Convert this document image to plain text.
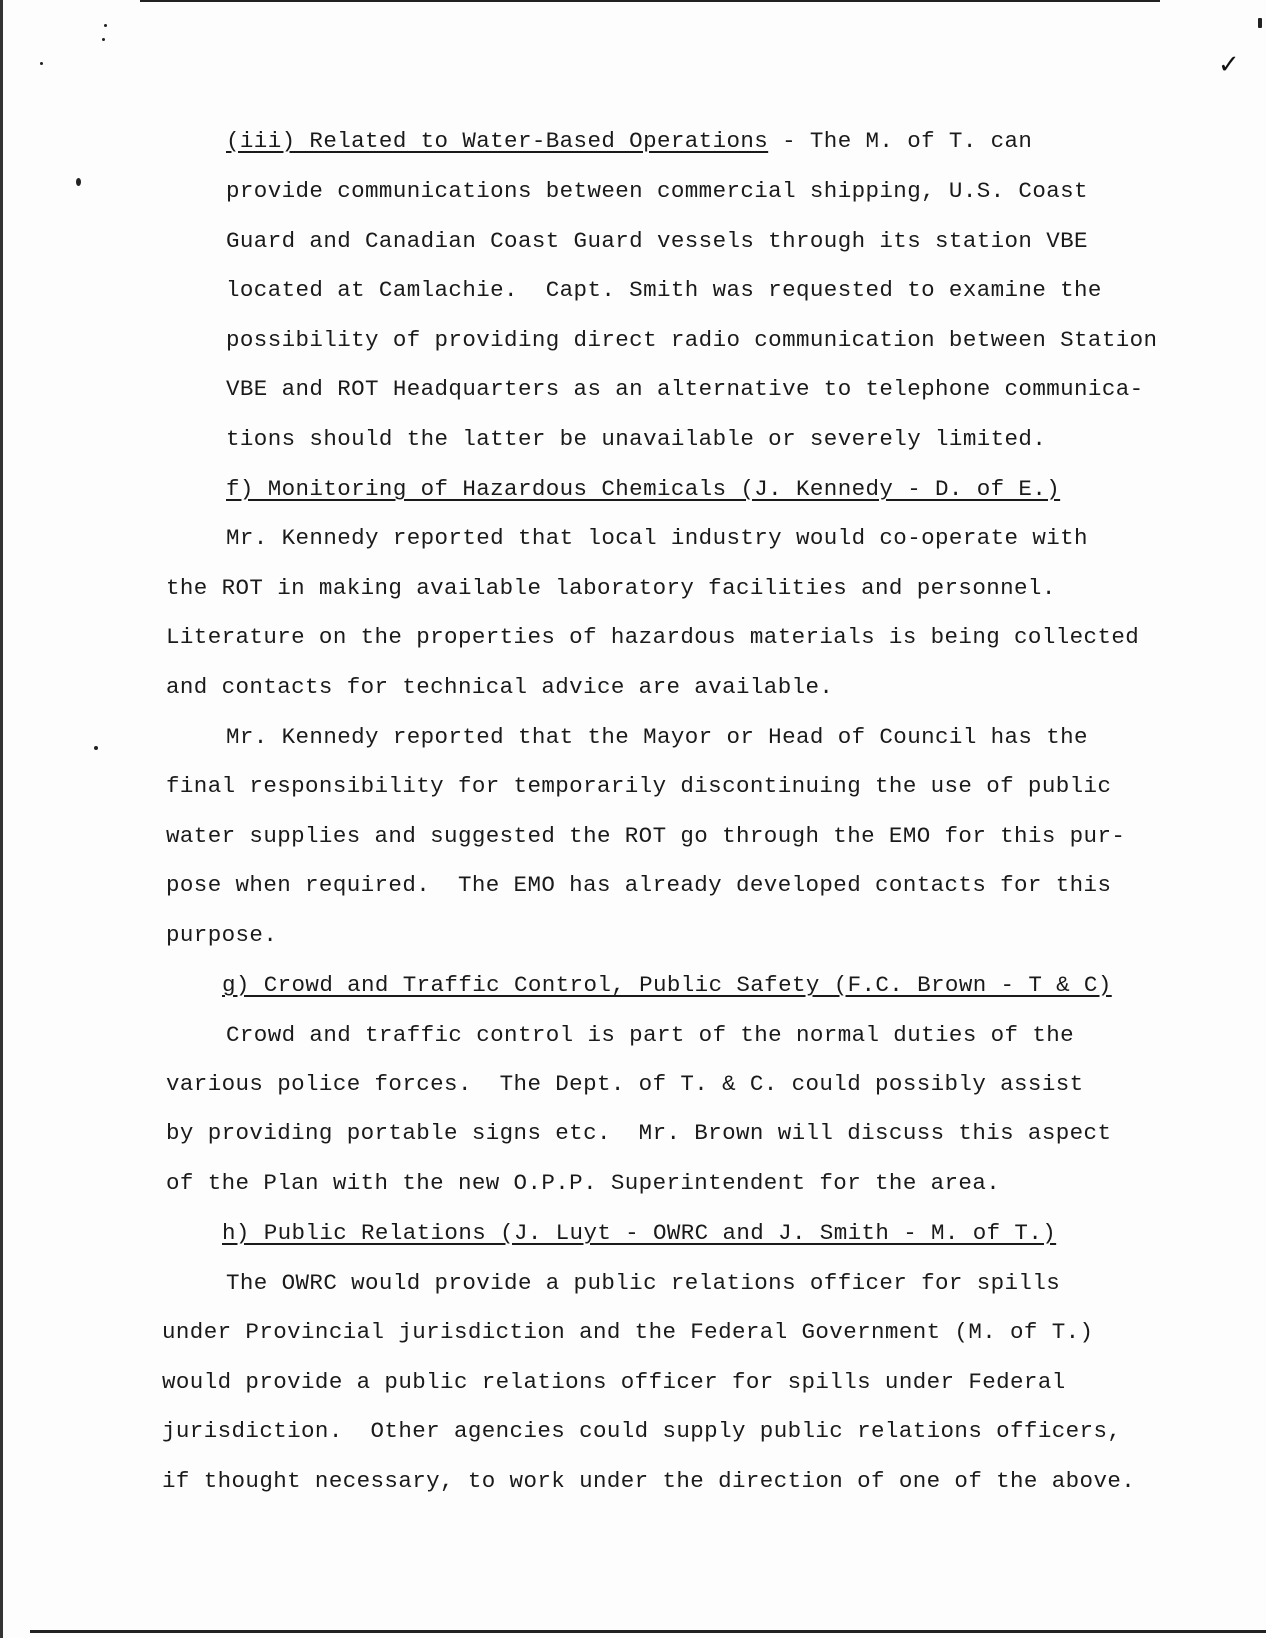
✓
(iii) Related to Water-Based Operations - The M. of T. can
provide communications between commercial shipping, U.S. Coast
Guard and Canadian Coast Guard vessels through its station VBE
located at Camlachie.  Capt. Smith was requested to examine the
possibility of providing direct radio communication between Station
VBE and ROT Headquarters as an alternative to telephone communica-
tions should the latter be unavailable or severely limited.
f) Monitoring of Hazardous Chemicals (J. Kennedy - D. of E.)
Mr. Kennedy reported that local industry would co-operate with
the ROT in making available laboratory facilities and personnel.
Literature on the properties of hazardous materials is being collected
and contacts for technical advice are available.
Mr. Kennedy reported that the Mayor or Head of Council has the
final responsibility for temporarily discontinuing the use of public
water supplies and suggested the ROT go through the EMO for this pur-
pose when required.  The EMO has already developed contacts for this
purpose.
g) Crowd and Traffic Control, Public Safety (F.C. Brown - T & C)
Crowd and traffic control is part of the normal duties of the
various police forces.  The Dept. of T. & C. could possibly assist
by providing portable signs etc.  Mr. Brown will discuss this aspect
of the Plan with the new O.P.P. Superintendent for the area.
h) Public Relations (J. Luyt - OWRC and J. Smith - M. of T.)
The OWRC would provide a public relations officer for spills
under Provincial jurisdiction and the Federal Government (M. of T.)
would provide a public relations officer for spills under Federal
jurisdiction.  Other agencies could supply public relations officers,
if thought necessary, to work under the direction of one of the above.
